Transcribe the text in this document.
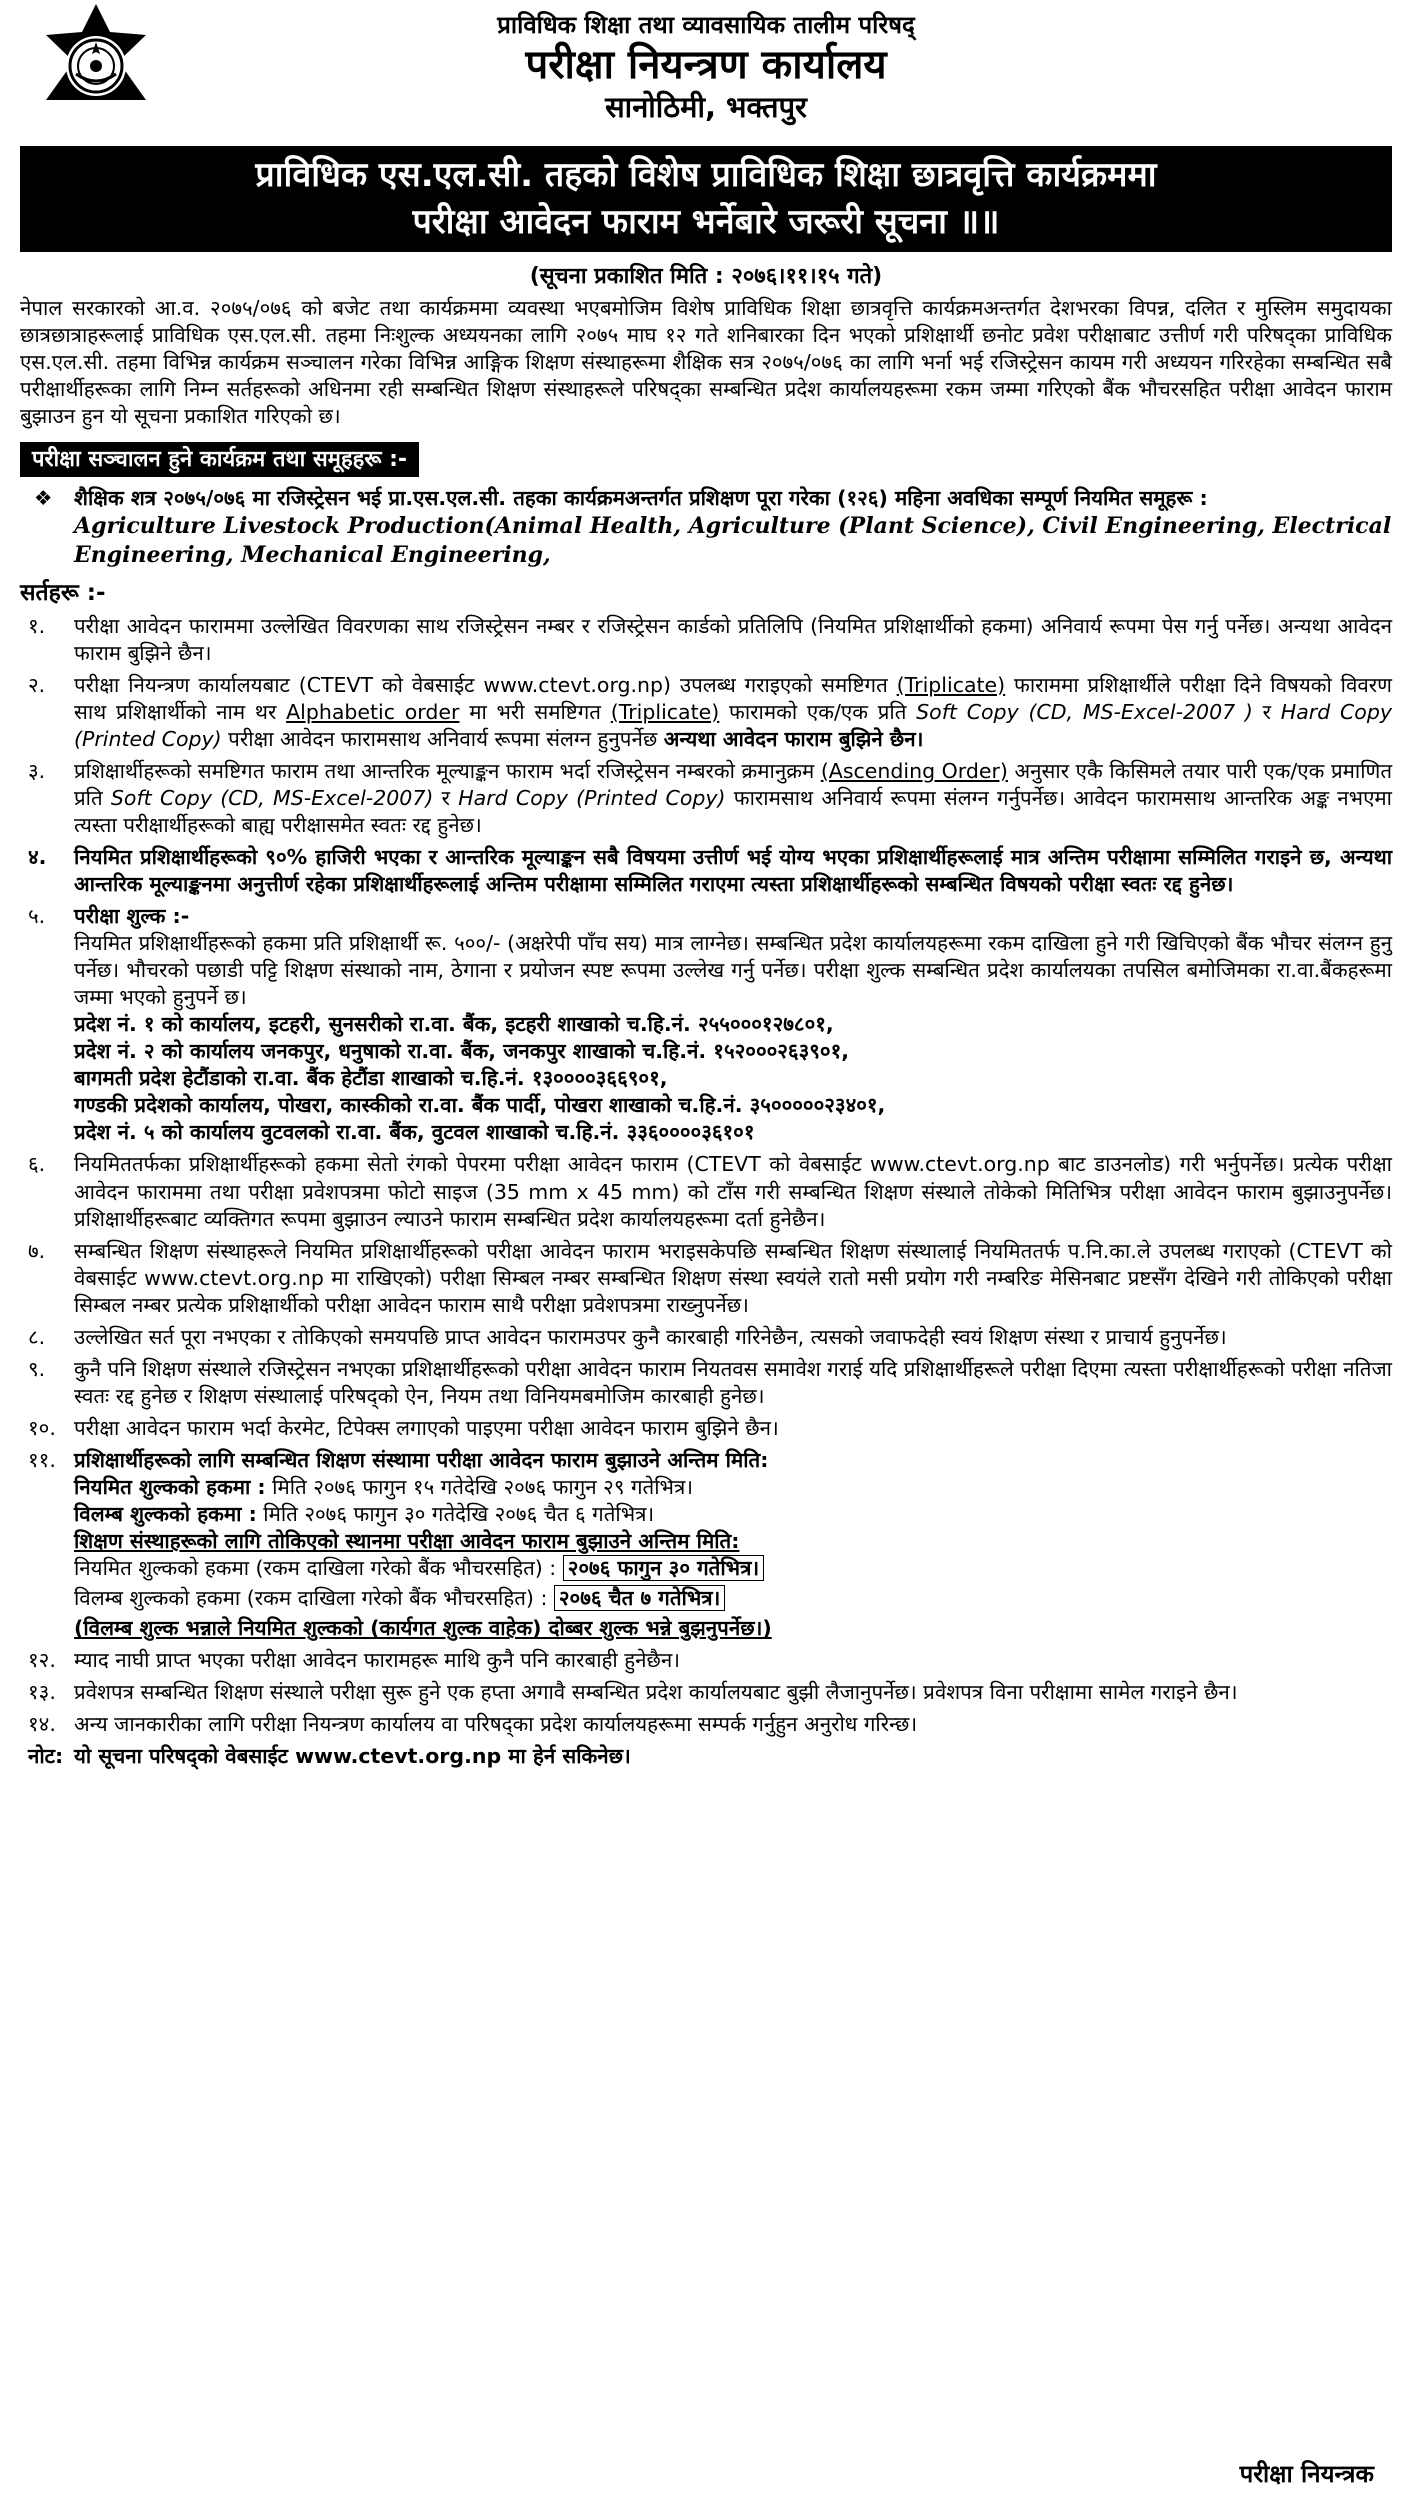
प्राविधिक शिक्षा तथा व्यावसायिक तालीम परिषद्
परीक्षा नियन्त्रण कार्यालय
सानोठिमी, भक्तपुर
प्राविधिक एस.एल.सी. तहको विशेष प्राविधिक शिक्षा छात्रवृत्ति कार्यक्रममा
परीक्षा आवेदन फाराम भर्नेबारे जरूरी सूचना ॥॥
(सूचना प्रकाशित मिति : २०७६।११।१५ गते)
नेपाल सरकारको आ.व. २०७५/०७६ को बजेट तथा कार्यक्रममा व्यवस्था भएबमोजिम विशेष प्राविधिक शिक्षा छात्रवृत्ति कार्यक्रमअन्तर्गत देशभरका विपन्न, दलित र मुस्लिम समुदायका छात्रछात्राहरूलाई प्राविधिक एस.एल.सी. तहमा निःशुल्क अध्ययनका लागि २०७५ माघ १२ गते शनिबारका दिन भएको प्रशिक्षार्थी छनोट प्रवेश परीक्षाबाट उत्तीर्ण गरी परिषद्का प्राविधिक एस.एल.सी. तहमा विभिन्न कार्यक्रम सञ्चालन गरेका विभिन्न आङ्गिक शिक्षण संस्थाहरूमा शैक्षिक सत्र २०७५/०७६ का लागि भर्ना भई रजिस्ट्रेसन कायम गरी अध्ययन गरिरहेका सम्बन्धित सबै परीक्षार्थीहरूका लागि निम्न सर्तहरूको अधिनमा रही सम्बन्धित शिक्षण संस्थाहरूले परिषद्का सम्बन्धित प्रदेश कार्यालयहरूमा रकम जम्मा गरिएको बैंक भौचरसहित परीक्षा आवेदन फाराम बुझाउन हुन यो सूचना प्रकाशित गरिएको छ।
परीक्षा सञ्चालन हुने कार्यक्रम तथा समूहहरू :-
❖	शैक्षिक शत्र २०७५/०७६ मा रजिस्ट्रेसन भई प्रा.एस.एल.सी. तहका कार्यक्रमअन्तर्गत प्रशिक्षण पूरा गरेका (१२६) महिना अवधिका सम्पूर्ण नियमित समूहरू :
Agriculture Livestock Production(Animal Health, Agriculture (Plant Science), Civil Engineering, Electrical Engineering, Mechanical Engineering,
सर्तहरू :-
१.	परीक्षा आवेदन फाराममा उल्लेखित विवरणका साथ रजिस्ट्रेसन नम्बर र रजिस्ट्रेसन कार्डको प्रतिलिपि (नियमित प्रशिक्षार्थीको हकमा) अनिवार्य रूपमा पेस गर्नु पर्नेछ। अन्यथा आवेदन फाराम बुझिने छैन।
२.	परीक्षा नियन्त्रण कार्यालयबाट (CTEVT को वेबसाईट www.ctevt.org.np) उपलब्ध गराइएको समष्टिगत (Triplicate) फाराममा प्रशिक्षार्थीले परीक्षा दिने विषयको विवरण साथ प्रशिक्षार्थीको नाम थर Alphabetic order मा भरी समष्टिगत (Triplicate) फारामको एक/एक प्रति Soft Copy (CD, MS-Excel-2007 ) र Hard Copy (Printed Copy) परीक्षा आवेदन फारामसाथ अनिवार्य रूपमा संलग्न हुनुपर्नेछ अन्यथा आवेदन फाराम बुझिने छैन।
३.	प्रशिक्षार्थीहरूको समष्टिगत फाराम तथा आन्तरिक मूल्याङ्कन फाराम भर्दा रजिस्ट्रेसन नम्बरको क्रमानुक्रम (Ascending Order) अनुसार एकै किसिमले तयार पारी एक/एक प्रमाणित प्रति Soft Copy (CD, MS-Excel-2007) र Hard Copy (Printed Copy) फारामसाथ अनिवार्य रूपमा संलग्न गर्नुपर्नेछ। आवेदन फारामसाथ आन्तरिक अङ्क नभएमा त्यस्ता परीक्षार्थीहरूको बाह्य परीक्षासमेत स्वतः रद्द हुनेछ।
४.	नियमित प्रशिक्षार्थीहरूको ९०% हाजिरी भएका र आन्तरिक मूल्याङ्कन सबै विषयमा उत्तीर्ण भई योग्य भएका प्रशिक्षार्थीहरूलाई मात्र अन्तिम परीक्षामा सम्मिलित गराइने छ, अन्यथा आन्तरिक मूल्याङ्कनमा अनुत्तीर्ण रहेका प्रशिक्षार्थीहरूलाई अन्तिम परीक्षामा सम्मिलित गराएमा त्यस्ता प्रशिक्षार्थीहरूको सम्बन्धित विषयको परीक्षा स्वतः रद्द हुनेछ।
५.	परीक्षा शुल्क :-
नियमित प्रशिक्षार्थीहरूको हकमा प्रति प्रशिक्षार्थी रू. ५००/- (अक्षरेपी पाँच सय) मात्र लाग्नेछ। सम्बन्धित प्रदेश कार्यालयहरूमा रकम दाखिला हुने गरी खिचिएको बैंक भौचर संलग्न हुनु पर्नेछ। भौचरको पछाडी पट्टि शिक्षण संस्थाको नाम, ठेगाना र प्रयोजन स्पष्ट रूपमा उल्लेख गर्नु पर्नेछ। परीक्षा शुल्क सम्बन्धित प्रदेश कार्यालयका तपसिल बमोजिमका रा.वा.बैंकहरूमा जम्मा भएको हुनुपर्ने छ।
प्रदेश नं. १ को कार्यालय, इटहरी, सुनसरीको रा.वा. बैंक, इटहरी शाखाको च.हि.नं. २५५०००१२७८०१,
प्रदेश नं. २ को कार्यालय जनकपुर, धनुषाको रा.वा. बैंक, जनकपुर शाखाको च.हि.नं. १५२०००२६३९०१,
बागमती प्रदेश हेटौंडाको रा.वा. बैंक हेटौंडा शाखाको च.हि.नं. १३००००३६६९०१,
गण्डकी प्रदेशको कार्यालय, पोखरा, कास्कीको रा.वा. बैंक पार्दी, पोखरा शाखाको च.हि.नं. ३५०००००२३४०१,
प्रदेश नं. ५ को कार्यालय वुटवलको रा.वा. बैंक, वुटवल शाखाको च.हि.नं. ३३६००००३६१०१
६.	नियमिततर्फका प्रशिक्षार्थीहरूको हकमा सेतो रंगको पेपरमा परीक्षा आवेदन फाराम (CTEVT को वेबसाईट www.ctevt.org.np बाट डाउनलोड) गरी भर्नुपर्नेछ। प्रत्येक परीक्षा आवेदन फाराममा तथा परीक्षा प्रवेशपत्रमा फोटो साइज (35 mm x 45 mm) को टाँस गरी सम्बन्धित शिक्षण संस्थाले तोकेको मितिभित्र परीक्षा आवेदन फाराम बुझाउनुपर्नेछ। प्रशिक्षार्थीहरूबाट व्यक्तिगत रूपमा बुझाउन ल्याउने फाराम सम्बन्धित प्रदेश कार्यालयहरूमा दर्ता हुनेछैन।
७.	सम्बन्धित शिक्षण संस्थाहरूले नियमित प्रशिक्षार्थीहरूको परीक्षा आवेदन फाराम भराइसकेपछि सम्बन्धित शिक्षण संस्थालाई नियमिततर्फ प.नि.का.ले उपलब्ध गराएको (CTEVT को वेबसाईट www.ctevt.org.np मा राखिएको) परीक्षा सिम्बल नम्बर सम्बन्धित शिक्षण संस्था स्वयंले रातो मसी प्रयोग गरी नम्बरिङ मेसिनबाट प्रष्टसँग देखिने गरी तोकिएको परीक्षा सिम्बल नम्बर प्रत्येक प्रशिक्षार्थीको परीक्षा आवेदन फाराम साथै परीक्षा प्रवेशपत्रमा राख्नुपर्नेछ।
८.	उल्लेखित सर्त पूरा नभएका र तोकिएको समयपछि प्राप्त आवेदन फारामउपर कुनै कारबाही गरिनेछैन, त्यसको जवाफदेही स्वयं शिक्षण संस्था र प्राचार्य हुनुपर्नेछ।
९.	कुनै पनि शिक्षण संस्थाले रजिस्ट्रेसन नभएका प्रशिक्षार्थीहरूको परीक्षा आवेदन फाराम नियतवस समावेश गराई यदि प्रशिक्षार्थीहरूले परीक्षा दिएमा त्यस्ता परीक्षार्थीहरूको परीक्षा नतिजा स्वतः रद्द हुनेछ र शिक्षण संस्थालाई परिषद्को ऐन, नियम तथा विनियमबमोजिम कारबाही हुनेछ।
१०. परीक्षा आवेदन फाराम भर्दा केरमेट, टिपेक्स लगाएको पाइएमा परीक्षा आवेदन फाराम बुझिने छैन।
११. प्रशिक्षार्थीहरूको लागि सम्बन्धित शिक्षण संस्थामा परीक्षा आवेदन फाराम बुझाउने अन्तिम मिति:
नियमित शुल्कको हकमा : मिति २०७६ फागुन १५ गतेदेखि २०७६ फागुन २९ गतेभित्र।
विलम्ब शुल्कको हकमा : मिति २०७६ फागुन ३० गतेदेखि २०७६ चैत ६ गतेभित्र।
शिक्षण संस्थाहरूको लागि तोकिएको स्थानमा परीक्षा आवेदन फाराम बुझाउने अन्तिम मिति:
नियमित शुल्कको हकमा (रकम दाखिला गरेको बैंक भौचरसहित) : २०७६ फागुन ३० गतेभित्र।
विलम्ब शुल्कको हकमा (रकम दाखिला गरेको बैंक भौचरसहित) : २०७६ चैत ७ गतेभित्र।
(विलम्ब शुल्क भन्नाले नियमित शुल्कको (कार्यगत शुल्क वाहेक) दोब्बर शुल्क भन्ने बुझनुपर्नेछ।)
१२. म्याद नाघी प्राप्त भएका परीक्षा आवेदन फारामहरू माथि कुनै पनि कारबाही हुनेछैन।
१३. प्रवेशपत्र सम्बन्धित शिक्षण संस्थाले परीक्षा सुरू हुने एक हप्ता अगावै सम्बन्धित प्रदेश कार्यालयबाट बुझी लैजानुपर्नेछ। प्रवेशपत्र विना परीक्षामा सामेल गराइने छैन।
१४. अन्य जानकारीका लागि परीक्षा नियन्त्रण कार्यालय वा परिषद्का प्रदेश कार्यालयहरूमा सम्पर्क गर्नुहुन अनुरोध गरिन्छ।
नोट: यो सूचना परिषद्को वेबसाईट www.ctevt.org.np मा हेर्न सकिनेछ।
परीक्षा नियन्त्रक
